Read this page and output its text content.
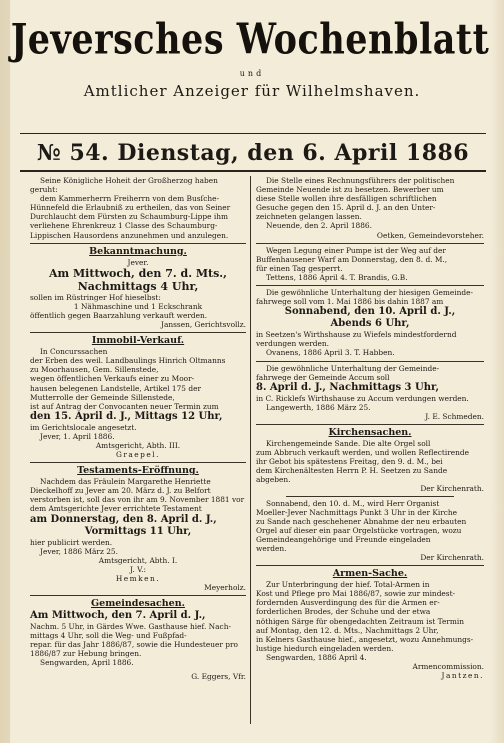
Jeversches Wochenblatt
und
Amtlicher Anzeiger für Wilhelmshaven.
№ 54. Dienstag, den 6. April 1886
Seine Königliche Hoheit der Großherzog haben
geruht:
dem Kammerherrn Freiherrn von dem Busſche-
Hünnefeld die Erlaubniß zu ertheilen, das von Seiner
Durchlaucht dem Fürsten zu Schaumburg-Lippe ihm
verliehene Ehrenkreuz 1 Classe des Schaumburg-
Lippischen Hausordens anzunehmen und anzulegen.
Bekanntmachung.
Jever.
Am Mittwoch, den 7. d. Mts.,
Nachmittags 4 Uhr,
sollen im Rüstringer Hof hieselbst:
1 Nähmaschine und 1 Eckschrank
öffentlich gegen Baarzahlung verkauft werden.
Janssen, Gerichtsvollz.
Immobil-Verkauf.
In Concurssachen
der Erben des weil. Landbaulings Hinrich Oltmanns
zu Moorhausen, Gem. Sillenstede,
wegen öffentlichen Verkaufs einer zu Moor-
hausen belegenen Landstelle, Artikel 175 der
Mutterrolle der Gemeinde Sillenstede,
ist auf Antrag der Convocanten neuer Termin zum
den 15. April d. J., Mittags 12 Uhr,
im Gerichtslocale angesetzt.
Jever, 1. April 1886.
Amtsgericht, Abth. III.
Graepel.
Testaments-Eröffnung.
Nachdem das Fräulein Margarethe Henriette
Dieckelhoff zu Jever am 20. März d. J. zu Belfort
verstorben ist, soll das von ihr am 9. November 1881 vor
dem Amtsgerichte Jever errichtete Testament
am Donnerstag, den 8. April d. J.,
Vormittags 11 Uhr,
hier publicirt werden.
Jever, 1886 März 25.
Amtsgericht, Abth. I.
J. V.:
Hemken.
Meyerholz.
Gemeindesachen.
Am Mittwoch, den 7. April d. J.,
Nachm. 5 Uhr, in Gärdes Wwe. Gasthause hief. Nach-
mittags 4 Uhr, soll die Weg- und Fußpfad-
repar. für das Jahr 1886/87, sowie die Hundesteuer pro
1886/87 zur Hebung bringen.
Sengwarden, April 1886.
G. Eggers, Vfr.
Die Stelle eines Rechnungsführers der politischen
Gemeinde Neuende ist zu besetzen. Bewerber um
diese Stelle wollen ihre desfälligen schriftlichen
Gesuche gegen den 15. April d. J. an den Unter-
zeichneten gelangen lassen.
Neuende, den 2. April 1886.
Oetken, Gemeindevorsteher.
Wegen Legung einer Pumpe ist der Weg auf der
Buffenhausener Warf am Donnerstag, den 8. d. M.,
für einen Tag gesperrt.
Tettens, 1886 April 4. T. Brandis, G.B.
Die gewöhnliche Unterhaltung der hiesigen Gemeinde-
fahrwege soll vom 1. Mai 1886 bis dahin 1887 am
Sonnabend, den 10. April d. J.,
Abends 6 Uhr,
in Seetzen's Wirthshause zu Wiefels mindestfordernd
verdungen werden.
Ovanens, 1886 April 3. T. Habben.
Die gewöhnliche Unterhaltung der Gemeinde-
fahrwege der Gemeinde Accum soll
8. April d. J., Nachmittags 3 Uhr,
in C. Ricklefs Wirthshause zu Accum verdungen werden.
Langewerth, 1886 März 25.
J. E. Schmeden.
Kirchensachen.
Kirchengemeinde Sande. Die alte Orgel soll
zum Abbruch verkauft werden, und wollen Reflectirende
ihr Gebot bis spätestens Freitag, den 9. d. M., bei
dem Kirchenältesten Herrn P. H. Seetzen zu Sande
abgeben.
Der Kirchenrath.
Sonnabend, den 10. d. M., wird Herr Organist
Moeller-Jever Nachmittags Punkt 3 Uhr in der Kirche
zu Sande nach geschehener Abnahme der neu erbauten
Orgel auf dieser ein paar Orgelstücke vortragen, wozu
Gemeindeangehörige und Freunde eingeladen
werden.
Der Kirchenrath.
Armen-Sache.
Zur Unterbringung der hief. Total-Armen in
Kost und Pflege pro Mai 1886/87, sowie zur mindest-
fordernden Ausverdingung des für die Armen er-
forderlichen Brodes, der Schuhe und der etwa
nöthigen Särge für obengedachten Zeitraum ist Termin
auf Montag, den 12. d. Mts., Nachmittags 2 Uhr,
in Kelners Gasthause hief., angesetzt, wozu Annehmungs-
lustige hiedurch eingeladen werden.
Sengwarden, 1886 April 4.
Armencommission.
Jantzen.
